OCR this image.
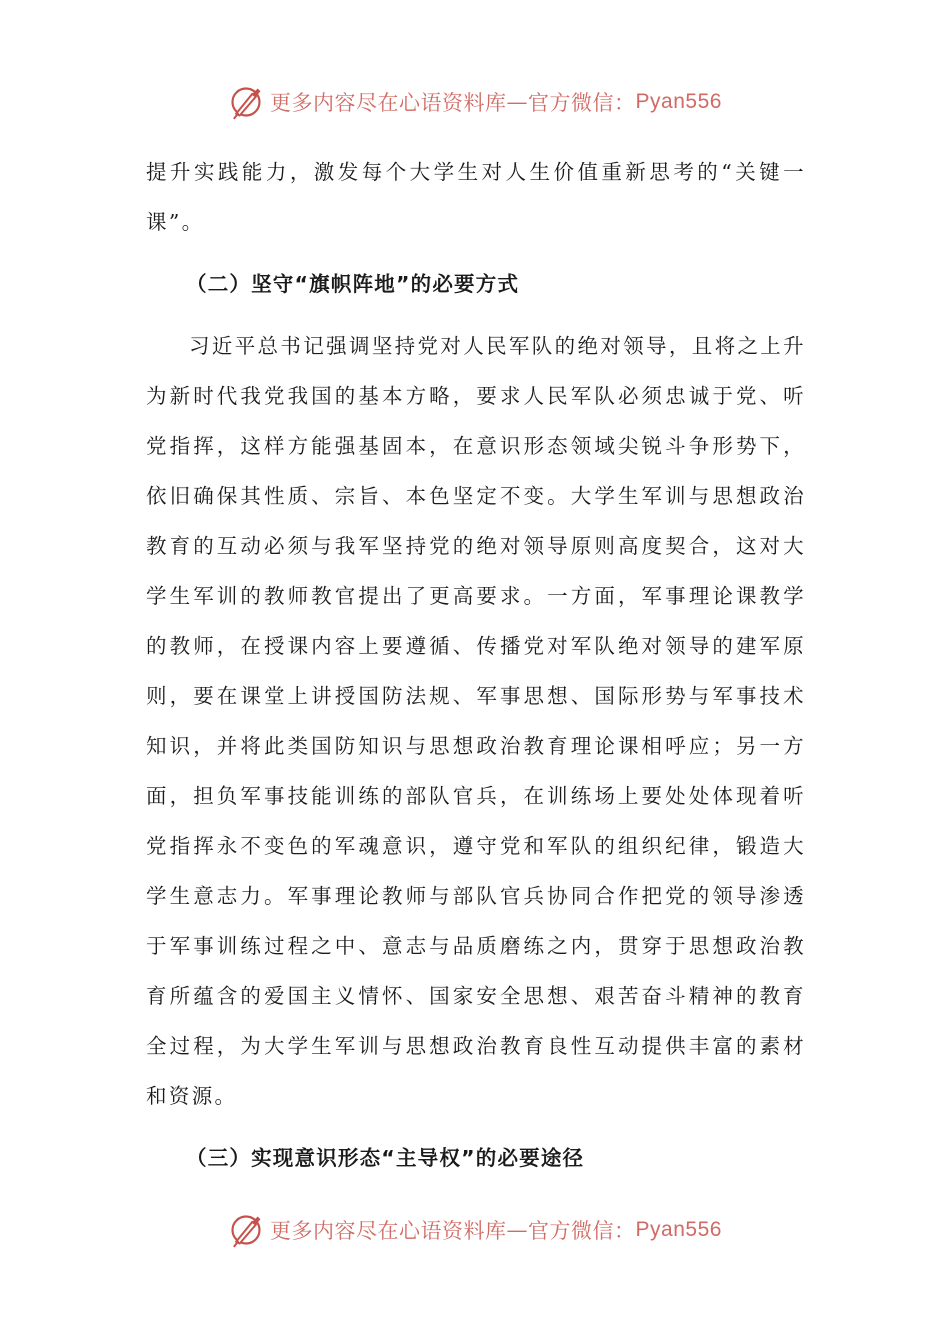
更多内容尽在心语资料库 — 官方微信： Pyan556

提升实践能力，激发每个大学生对人生价值重新思考的“关键一课”。

（二）坚守“旗帜阵地”的必要方式

习近平总书记强调坚持党对人民军队的绝对领导，且将之上升为新时代我党我国的基本方略，要求人民军队必须忠诚于党、听党指挥，这样方能强基固本，在意识形态领域尖锐斗争形势下，依旧确保其性质、宗旨、本色坚定不变。大学生军训与思想政治教育的互动必须与我军坚持党的绝对领导原则高度契合，这对大学生军训的教师教官提出了更高要求。一方面，军事理论课教学的教师，在授课内容上要遵循、传播党对军队绝对领导的建军原则，要在课堂上讲授国防法规、军事思想、国际形势与军事技术知识，并将此类国防知识与思想政治教育理论课相呼应；另一方面，担负军事技能训练的部队官兵，在训练场上要处处体现着听党指挥永不变色的军魂意识，遵守党和军队的组织纪律，锻造大学生意志力。军事理论教师与部队官兵协同合作把党的领导渗透于军事训练过程之中、意志与品质磨练之内，贯穿于思想政治教育所蕴含的爱国主义情怀、国家安全思想、艰苦奋斗精神的教育全过程，为大学生军训与思想政治教育良性互动提供丰富的素材和资源。

（三）实现意识形态“主导权”的必要途径
更多内容尽在心语资料库 — 官方微信： Pyan556
